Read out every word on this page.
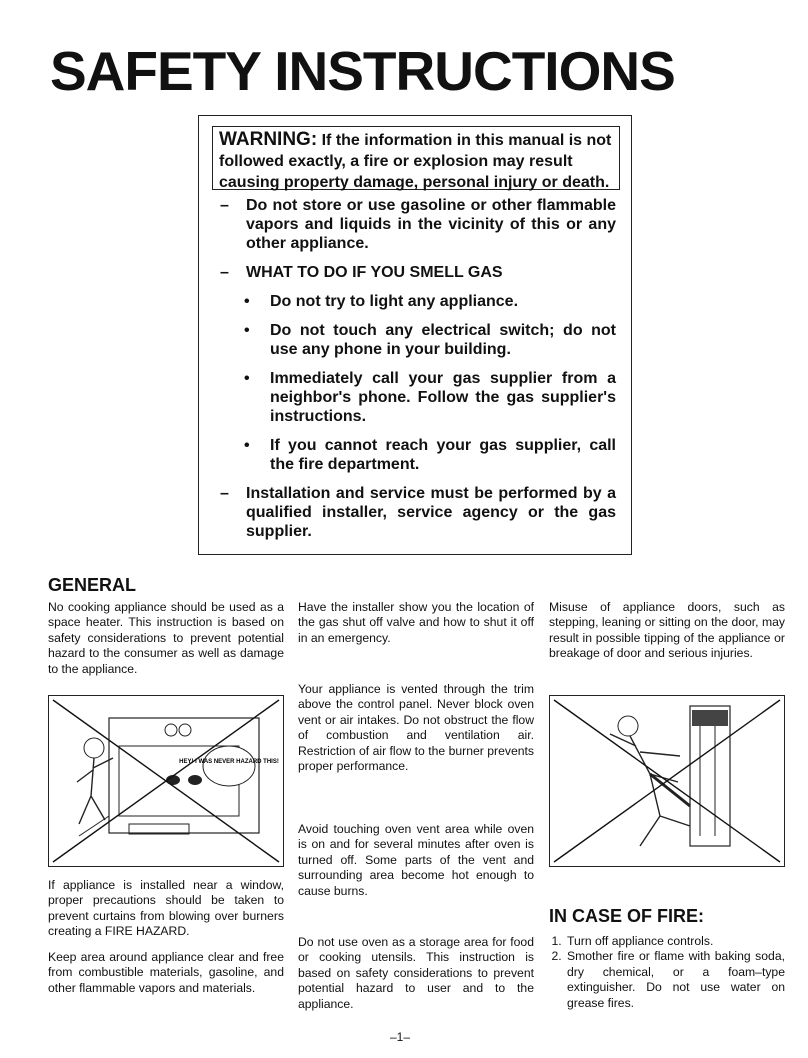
SAFETY INSTRUCTIONS
WARNING: If the information in this manual is not followed exactly, a fire or explosion may result causing property damage, personal injury or death.
– Do not store or use gasoline or other flammable vapors and liquids in the vicinity of this or any other appliance.
– WHAT TO DO IF YOU SMELL GAS
• Do not try to light any appliance.
• Do not touch any electrical switch; do not use any phone in your building.
• Immediately call your gas supplier from a neighbor's phone. Follow the gas supplier's instructions.
• If you cannot reach your gas supplier, call the fire department.
– Installation and service must be performed by a qualified installer, service agency or the gas supplier.
GENERAL

No cooking appliance should be used as a space heater. This instruction is based on safety considerations to prevent potential hazard to the consumer as well as damage to the appliance.

HEY! I WAS NEVER HAZARD THIS!

If appliance is installed near a window, proper precautions should be taken to prevent curtains from blowing over burners creating a FIRE HAZARD.

Keep area around appliance clear and free from combustible materials, gasoline, and other flammable vapors and materials.

Have the installer show you the location of the gas shut off valve and how to shut it off in an emergency.

Your appliance is vented through the trim above the control panel. Never block oven vent or air intakes. Do not obstruct the flow of combustion and ventilation air. Restriction of air flow to the burner prevents proper performance.

Avoid touching oven vent area while oven is on and for several minutes after oven is turned off. Some parts of the vent and surrounding area become hot enough to cause burns.

Do not use oven as a storage area for food or cooking utensils. This instruction is based on safety considerations to prevent potential hazard to user and to the appliance.

Misuse of appliance doors, such as stepping, leaning or sitting on the door, may result in possible tipping of the appliance or breakage of door and serious injuries.

IN CASE OF FIRE:
1. Turn off appliance controls.
2. Smother fire or flame with baking soda, dry chemical, or a foam–type extinguisher. Do not use water on grease fires.
–1–
